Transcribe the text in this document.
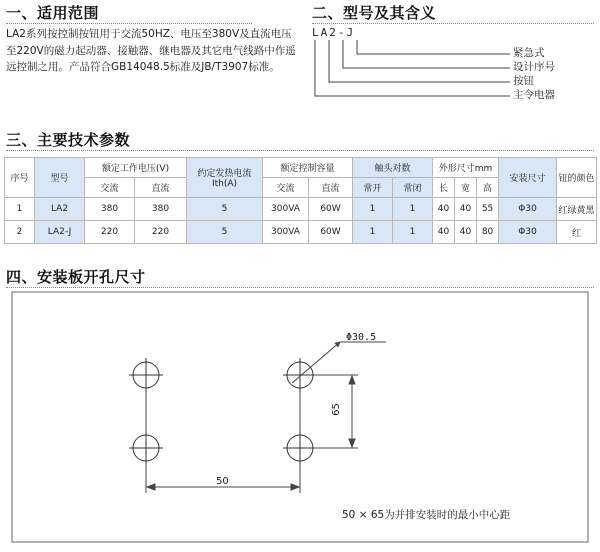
一、适用范围
LA2系列按控制按钮用于交流50HZ、电压至380V及直流电压至220V的磁力起动器、接触器、继电器及其它电气线路中作遥远控制之用。产品符合GB14048.5标准及JB/T3907标准。
二、型号及其含义
LA2-J
紧急式
设计序号
按钮
主令电器
三、主要技术参数
序号	型号	额定工作电压(V)		约定发热电流Ith(A)	额定控制容量		触头对数		外形尺寸mm			安装尺寸	钮的颜色
		交流	直流		交流	直流	常开	常闭	长	宽	高		
1	LA2	380	380	5	300VA	60W	1	1	40	40	55	Φ30	红绿黄黑
2	LA2-J	220	220	5	300VA	60W	1	1	40	40	80	Φ30	红
四、安装板开孔尺寸
Φ30.5
65
50
50 × 65为并排安装时的最小中心距
